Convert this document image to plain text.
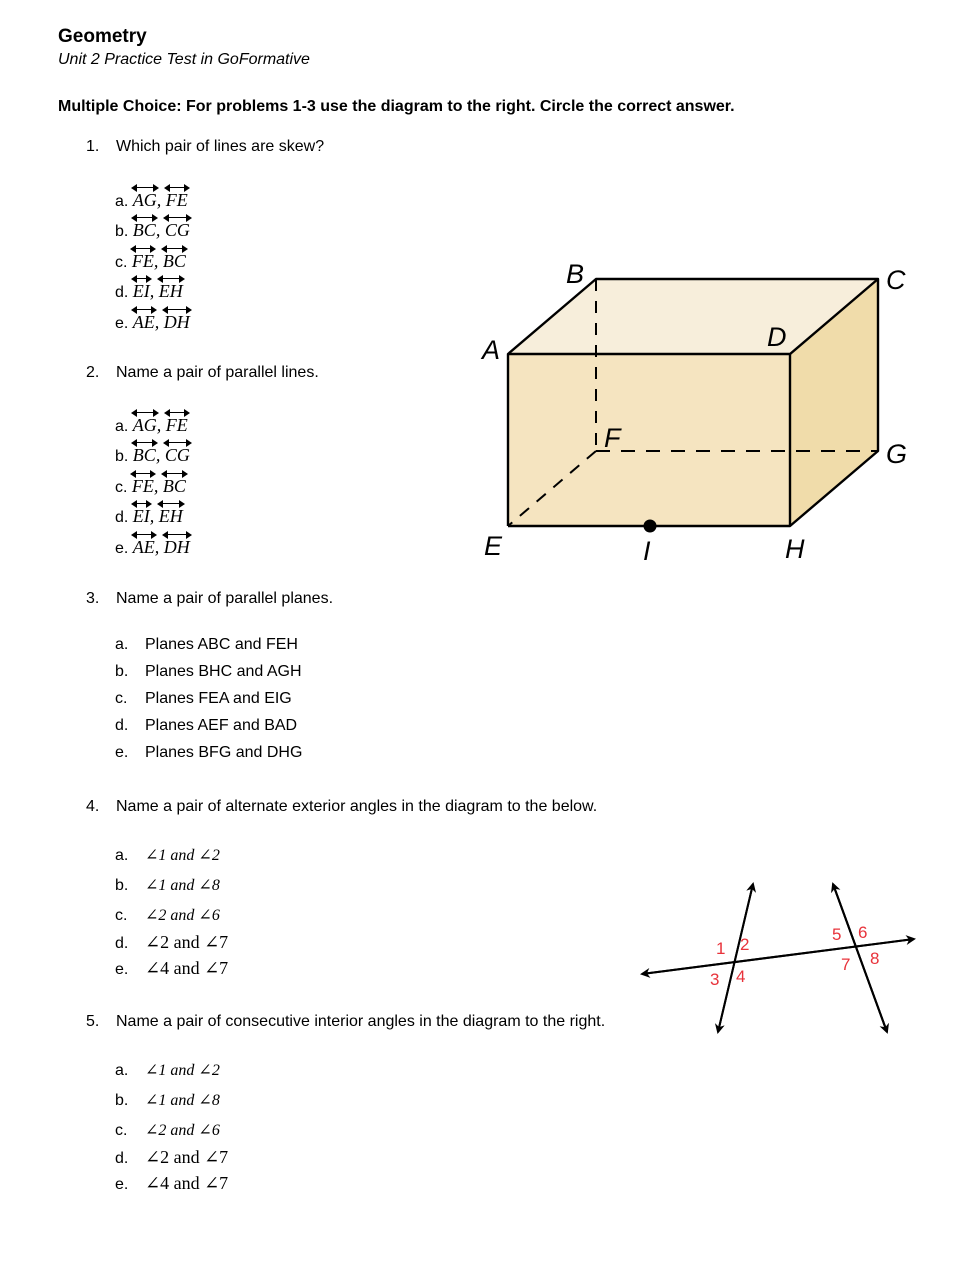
Geometry
Unit 2 Practice Test in GoFormative
Multiple Choice: For problems 1-3 use the diagram to the right. Circle the correct answer.
1. Which pair of lines are skew?
a. AG,
FE
b. BC,
CG
c. FE,
BC
d. EI,
EH
e. AE,
DH
2. Name a pair of parallel lines.
a. AG,
FE
b. BC,
CG
c. FE,
BC
d. EI,
EH
e. AE,
DH
A
B	C
D
E
F
G
H
I
3. Name a pair of parallel planes.
a. Planes ABC and FEH
b. Planes BHC and AGH
c. Planes FEA and EIG
d. Planes AEF and BAD
e. Planes BFG and DHG
4. Name a pair of alternate exterior angles in the diagram to the below.
a. ∠1 and ∠2
b. ∠1 and ∠8
c. ∠2 and ∠6
d. ∠2 and ∠7
e. ∠4 and ∠7
1 2
3 4
5 6
7 8
5. Name a pair of consecutive interior angles in the diagram to the right.
a. ∠1 and ∠2
b. ∠1 and ∠8
c. ∠2 and ∠6
d. ∠2 and ∠7
e. ∠4 and ∠7
